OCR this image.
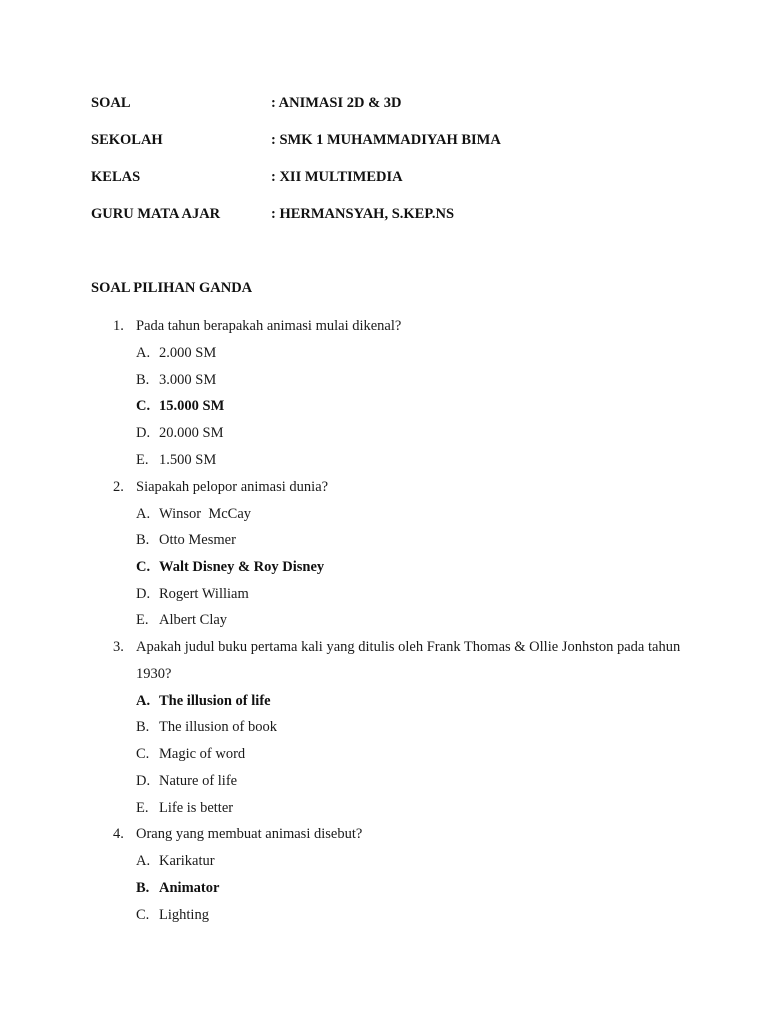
SOAL	: ANIMASI 2D & 3D
SEKOLAH	: SMK 1 MUHAMMADIYAH BIMA
KELAS	: XII MULTIMEDIA
GURU MATA AJAR	: HERMANSYAH, S.KEP.NS
SOAL PILIHAN GANDA
1. Pada tahun berapakah animasi mulai dikenal?
A. 2.000 SM
B. 3.000 SM
C. 15.000 SM
D. 20.000 SM
E. 1.500 SM
2. Siapakah pelopor animasi dunia?
A. Winsor  McCay
B. Otto Mesmer
C. Walt Disney & Roy Disney
D. Rogert William
E. Albert Clay
3. Apakah judul buku pertama kali yang ditulis oleh Frank Thomas & Ollie Jonhston pada tahun 1930?
A. The illusion of life
B. The illusion of book
C. Magic of word
D. Nature of life
E. Life is better
4. Orang yang membuat animasi disebut?
A. Karikatur
B. Animator
C. Lighting
